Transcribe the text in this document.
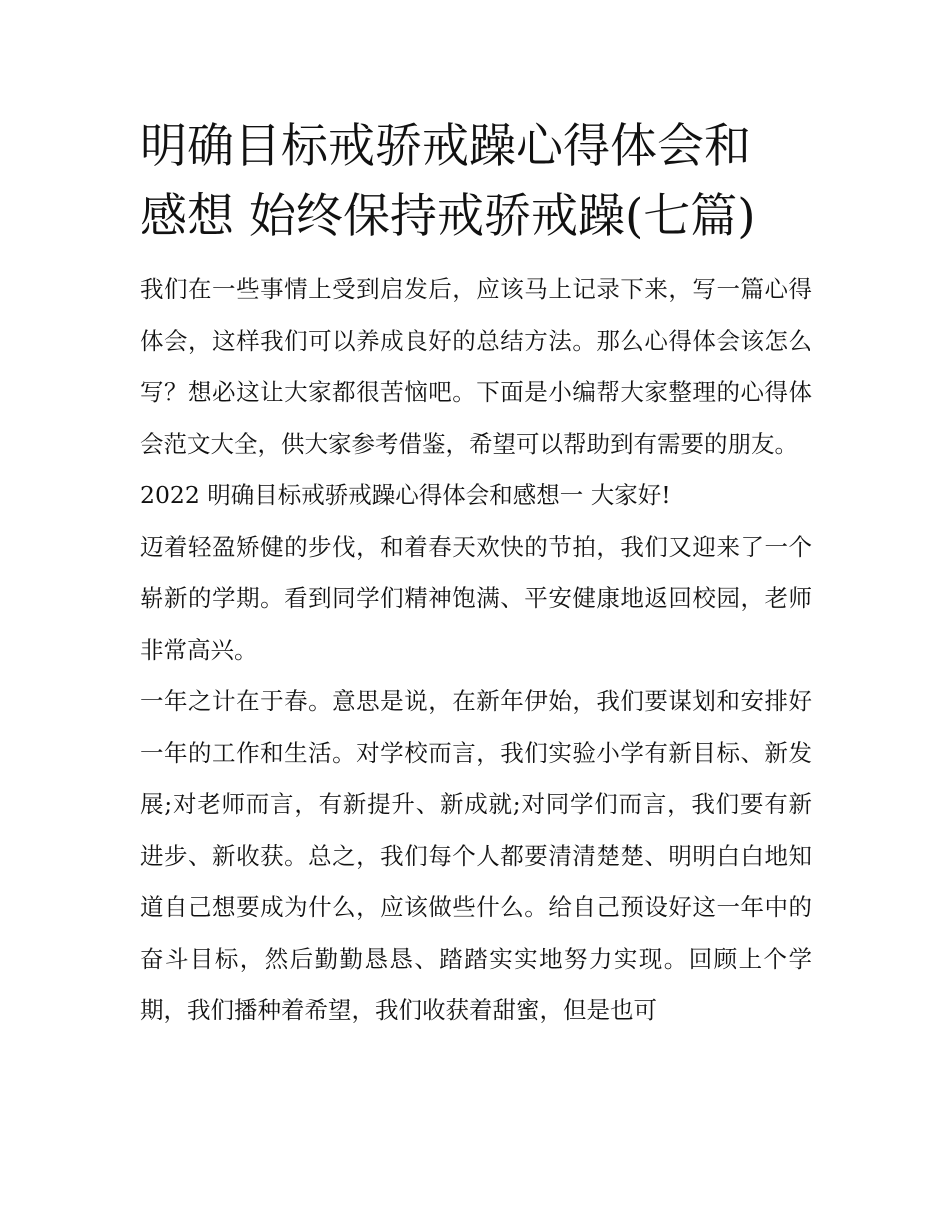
明确目标戒骄戒躁心得体会和
感想 始终保持戒骄戒躁(七篇)

我们在一些事情上受到启发后，应该马上记录下来，写一篇心得体会，这样我们可以养成良好的总结方法。那么心得体会该怎么写？想必这让大家都很苦恼吧。下面是小编帮大家整理的心得体会范文大全，供大家参考借鉴，希望可以帮助到有需要的朋友。

2022 明确目标戒骄戒躁心得体会和感想一 大家好!

迈着轻盈矫健的步伐，和着春天欢快的节拍，我们又迎来了一个崭新的学期。看到同学们精神饱满、平安健康地返回校园，老师非常高兴。

一年之计在于春。意思是说，在新年伊始，我们要谋划和安排好一年的工作和生活。对学校而言，我们实验小学有新目标、新发展;对老师而言，有新提升、新成就;对同学们而言，我们要有新进步、新收获。总之，我们每个人都要清清楚楚、明明白白地知道自己想要成为什么，应该做些什么。给自己预设好这一年中的奋斗目标，然后勤勤恳恳、踏踏实实地努力实现。回顾上个学期，我们播种着希望，我们收获着甜蜜，但是也可
